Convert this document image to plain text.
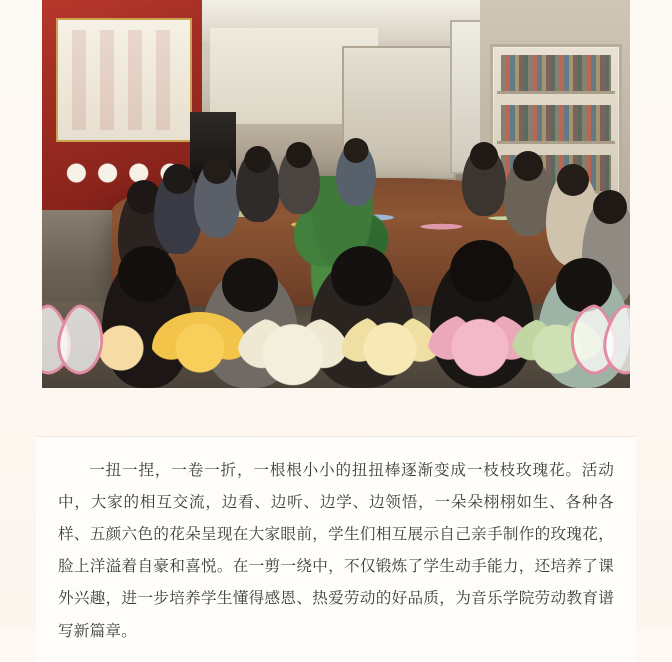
一扭一捏，一卷一折，一根根小小的扭扭棒逐渐变成一枝枝玫瑰花。活动中，大家的相互交流，边看、边听、边学、边领悟，一朵朵栩栩如生、各种各样、五颜六色的花朵呈现在大家眼前，学生们相互展示自己亲手制作的玫瑰花，脸上洋溢着自豪和喜悦。在一剪一绕中，不仅锻炼了学生动手能力，还培养了课外兴趣，进一步培养学生懂得感恩、热爱劳动的好品质，为音乐学院劳动教育谱写新篇章。
